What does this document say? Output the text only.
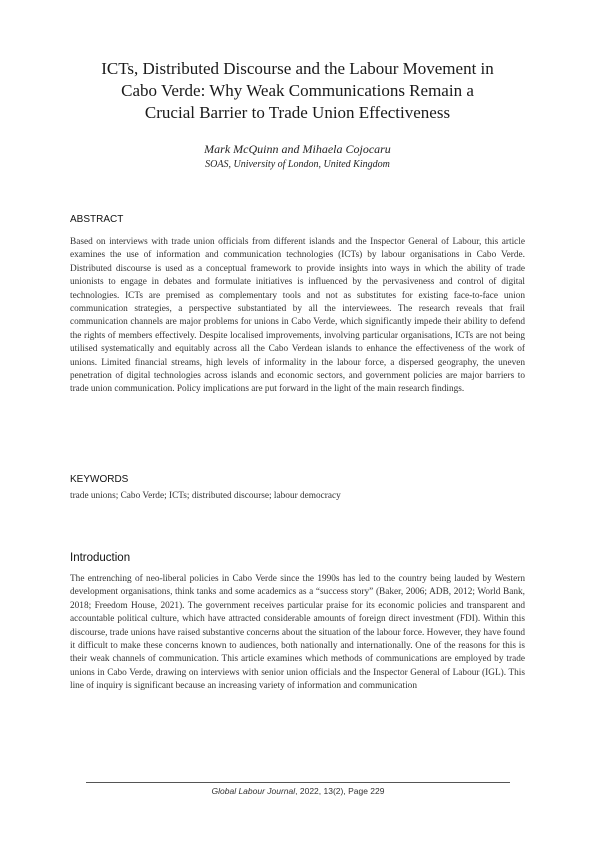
ICTs, Distributed Discourse and the Labour Movement in
Cabo Verde: Why Weak Communications Remain a
Crucial Barrier to Trade Union Effectiveness
Mark McQuinn and Mihaela Cojocaru
SOAS, University of London, United Kingdom
ABSTRACT

Based on interviews with trade union officials from different islands and the Inspector General of Labour, this article examines the use of information and communication technologies (ICTs) by labour organisations in Cabo Verde. Distributed discourse is used as a conceptual framework to provide insights into ways in which the ability of trade unionists to engage in debates and formulate initiatives is influenced by the pervasiveness and control of digital technologies. ICTs are premised as complementary tools and not as substitutes for existing face-to-face union communication strategies, a perspective substantiated by all the interviewees. The research reveals that frail communication channels are major problems for unions in Cabo Verde, which significantly impede their ability to defend the rights of members effectively. Despite localised improvements, involving particular organisations, ICTs are not being utilised systematically and equitably across all the Cabo Verdean islands to enhance the effectiveness of the work of unions. Limited financial streams, high levels of informality in the labour force, a dispersed geography, the uneven penetration of digital technologies across islands and economic sectors, and government policies are major barriers to trade union communication. Policy implications are put forward in the light of the main research findings.

KEYWORDS

trade unions; Cabo Verde; ICTs; distributed discourse; labour democracy

Introduction

The entrenching of neo-liberal policies in Cabo Verde since the 1990s has led to the country being lauded by Western development organisations, think tanks and some academics as a “success story” (Baker, 2006; ADB, 2012; World Bank, 2018; Freedom House, 2021). The government receives particular praise for its economic policies and transparent and accountable political culture, which have attracted considerable amounts of foreign direct investment (FDI). Within this discourse, trade unions have raised substantive concerns about the situation of the labour force. However, they have found it difficult to make these concerns known to audiences, both nationally and internationally. One of the reasons for this is their weak channels of communication. This article examines which methods of communications are employed by trade unions in Cabo Verde, drawing on interviews with senior union officials and the Inspector General of Labour (IGL). This line of inquiry is significant because an increasing variety of information and communication

Global Labour Journal, 2022, 13(2), Page 229
